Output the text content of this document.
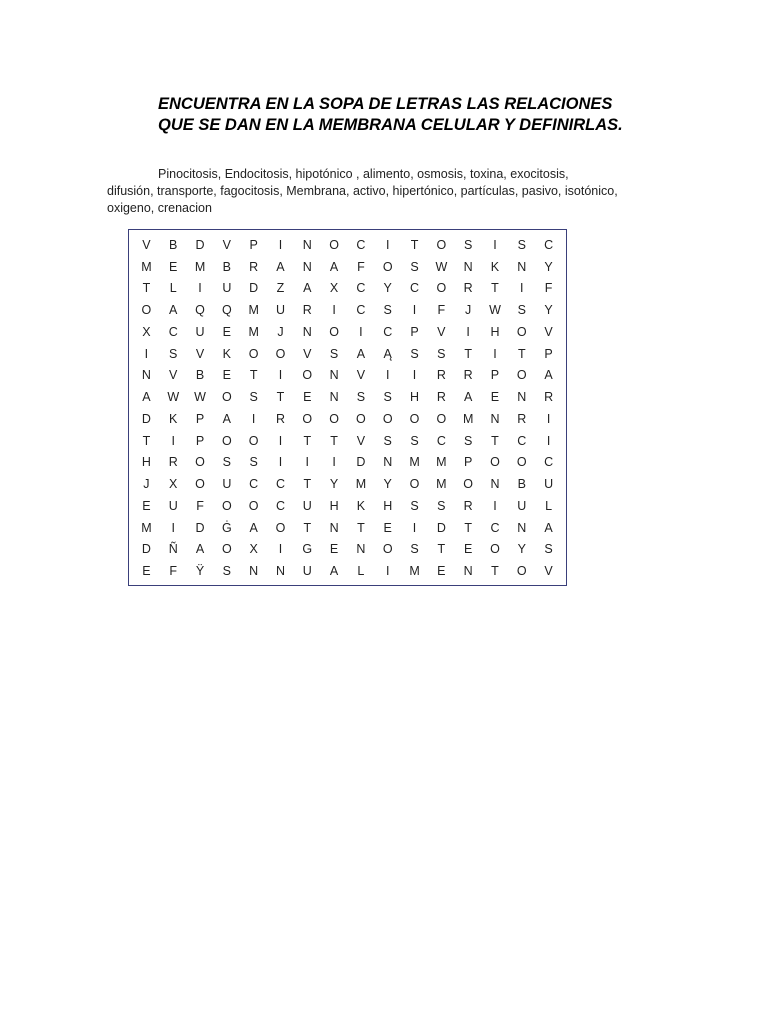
ENCUENTRA EN LA SOPA DE LETRAS LAS RELACIONES
QUE SE DAN EN LA MEMBRANA CELULAR Y DEFINIRLAS.
Pinocitosis, Endocitosis, hipotónico , alimento, osmosis, toxina, exocitosis,
difusión, transporte, fagocitosis, Membrana, activo, hipertónico, partículas, pasivo, isotónico,
oxigeno, crenacion
V	B	D	V	P	I	N	O	C	I	T	O	S	I	S	C
M	E	M	B	R	A	N	A	F	O	S	W	N	K	N	Y
T	L	I	U	D	Z	A	X	C	Y	C	O	R	T	I	F
O	A	Q	Q	M	U	R	I	C	S	I	F	J	W	S	Y
X	C	U	E	M	J	N	O	I	C	P	V	I	H	O	V
I	S	V	K	O	O	V	S	A	Ą	S	S	T	I	T	P
N	V	B	E	T	I	O	N	V	I	I	R	R	P	O	A
A	W	W	O	S	T	E	N	S	S	H	R	A	E	N	R
D	K	P	A	I	R	O	O	O	O	O	O	M	N	R	I
T	I	P	O	O	I	T	T	V	S	S	C	S	T	C	I
H	R	O	S	S	I	I	I	D	N	M	M	P	O	O	C
J	X	O	U	C	C	T	Y	M	Y	O	M	O	N	B	U
E	U	F	O	O	C	U	H	K	H	S	S	R	I	U	L
M	I	D	Ġ	A	O	T	N	T	E	I	D	T	C	N	A
D	Ñ	A	O	X	I	G	E	N	O	S	T	E	O	Y	S
E	F	Ÿ	S	N	N	U	A	L	I	M	E	N	T	O	V
